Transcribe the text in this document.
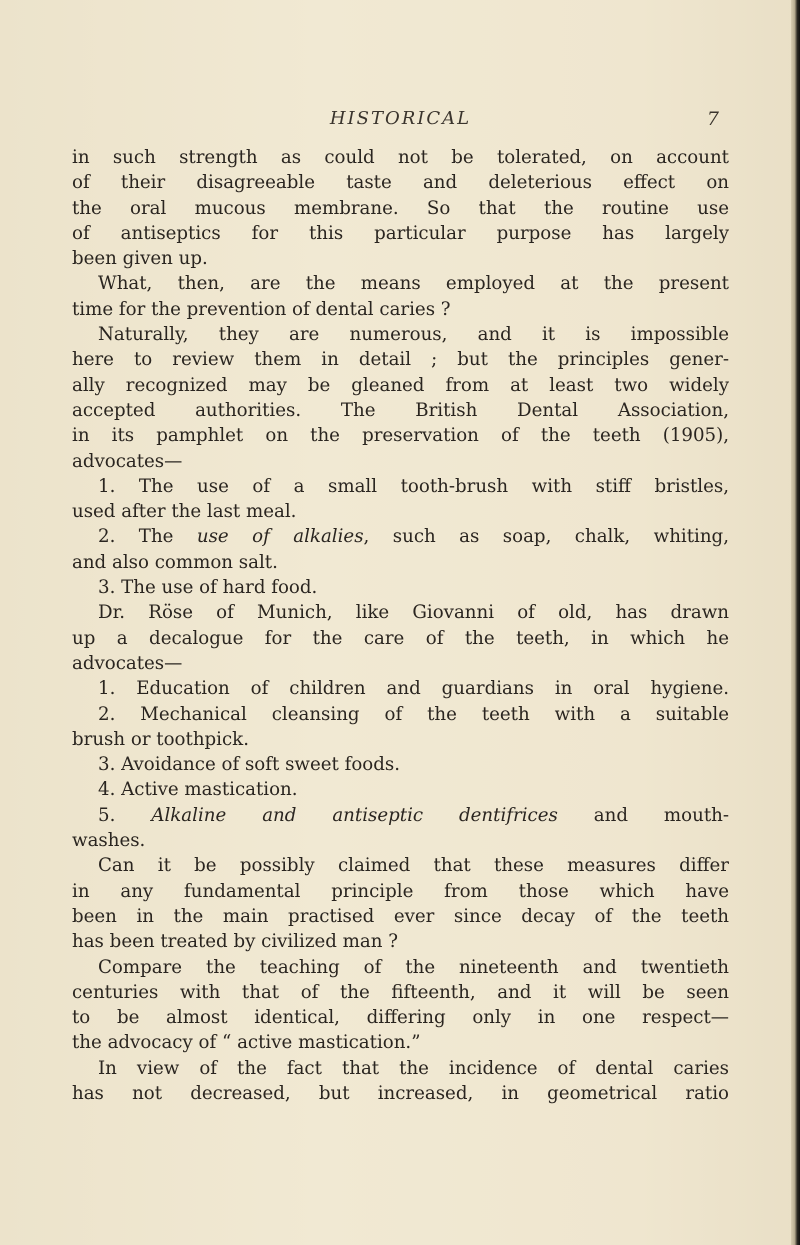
HISTORICAL	7
in such strength as could not be tolerated, on account
of their disagreeable taste and deleterious effect on
the oral mucous membrane. So that the routine use
of antiseptics for this particular purpose has largely
been given up.
What, then, are the means employed at the present
time for the prevention of dental caries ?
Naturally, they are numerous, and it is impossible
here to review them in detail ; but the principles gener-
ally recognized may be gleaned from at least two widely
accepted authorities. The British Dental Association,
in its pamphlet on the preservation of the teeth (1905),
advocates—
1. The use of a small tooth-brush with stiff bristles,
used after the last meal.
2. The use of alkalies, such as soap, chalk, whiting,
and also common salt.
3. The use of hard food.
Dr. Röse of Munich, like Giovanni of old, has drawn
up a decalogue for the care of the teeth, in which he
advocates—
1. Education of children and guardians in oral hygiene.
2. Mechanical cleansing of the teeth with a suitable
brush or toothpick.
3. Avoidance of soft sweet foods.
4. Active mastication.
5. Alkaline and antiseptic dentifrices and mouth-
washes.
Can it be possibly claimed that these measures differ
in any fundamental principle from those which have
been in the main practised ever since decay of the teeth
has been treated by civilized man ?
Compare the teaching of the nineteenth and twentieth
centuries with that of the fifteenth, and it will be seen
to be almost identical, differing only in one respect—
the advocacy of “ active mastication.”
In view of the fact that the incidence of dental caries
has not decreased, but increased, in geometrical ratio
